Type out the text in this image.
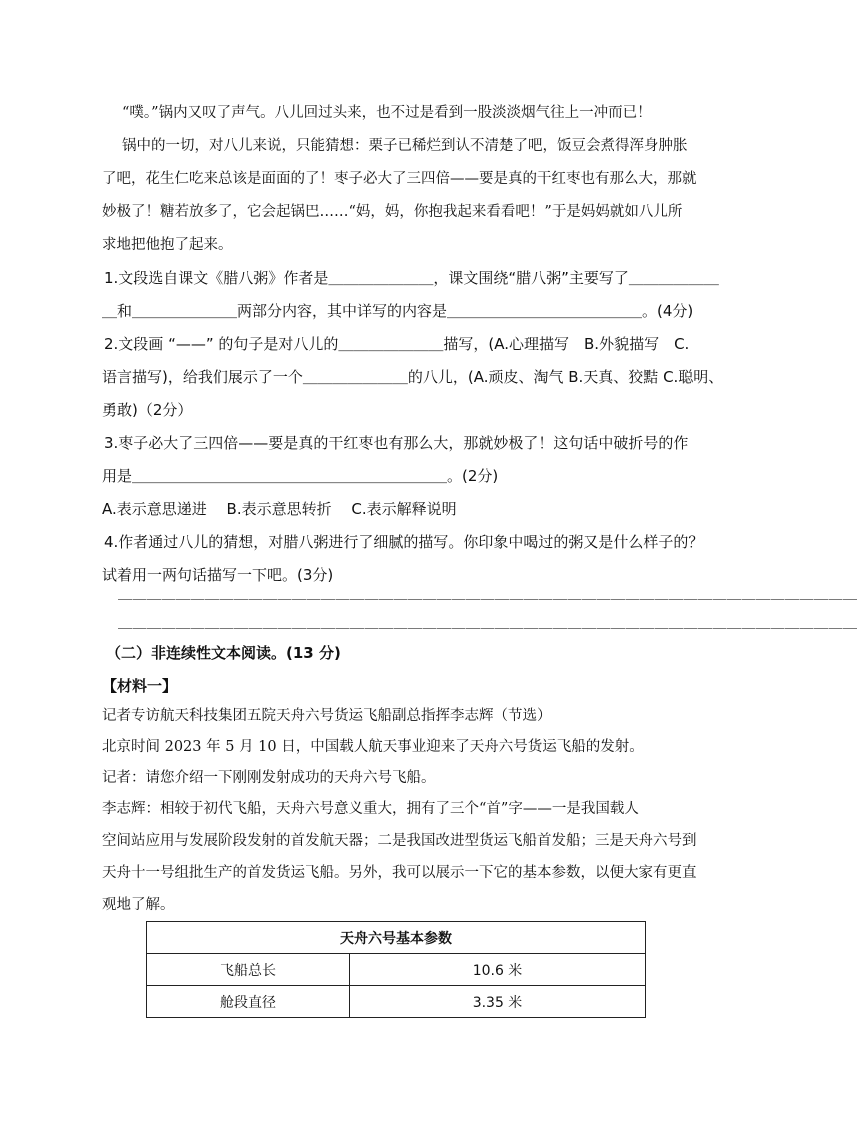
“噗。”锅内又叹了声气。八儿回过头来，也不过是看到一股淡淡烟气往上一冲而已！

锅中的一切，对八儿来说，只能猜想：栗子已稀烂到认不清楚了吧，饭豆会煮得浑身肿胀

了吧，花生仁吃来总该是面面的了！枣子必大了三四倍——要是真的干红枣也有那么大，那就

妙极了！糖若放多了，它会起锅巴……“妈，妈，你抱我起来看看吧！”于是妈妈就如八儿所

求地把他抱了起来。

1.文段选自课文《腊八粥》作者是＿＿＿＿＿＿＿，课文围绕“腊八粥”主要写了＿＿＿＿＿＿

＿和＿＿＿＿＿＿＿两部分内容，其中详写的内容是＿＿＿＿＿＿＿＿＿＿＿＿＿。(4分)

2.文段画 “——” 的句子是对八儿的＿＿＿＿＿＿＿描写，(A.心理描写　B.外貌描写　C.

语言描写)，给我们展示了一个＿＿＿＿＿＿＿的八儿，(A.顽皮、淘气 B.天真、狡黠 C.聪明、

勇敢)（2分）

3.枣子必大了三四倍——要是真的干红枣也有那么大，那就妙极了！这句话中破折号的作

用是＿＿＿＿＿＿＿＿＿＿＿＿＿＿＿＿＿＿＿＿＿。(2分)

A.表示意思递进　 B.表示意思转折　 C.表示解释说明

4.作者通过八儿的猜想，对腊八粥进行了细腻的描写。你印象中喝过的粥又是什么样子的？

试着用一两句话描写一下吧。(3分)

＿＿＿＿＿＿＿＿＿＿＿＿＿＿＿＿＿＿＿＿＿＿＿＿＿＿＿＿＿＿＿＿＿＿＿＿＿＿＿＿＿＿＿＿＿＿＿＿＿＿＿

＿＿＿＿＿＿＿＿＿＿＿＿＿＿＿＿＿＿＿＿＿＿＿＿＿＿＿＿＿＿＿＿＿＿＿＿＿＿＿＿＿＿＿＿＿＿＿＿＿＿＿

（二）非连续性文本阅读。(13 分)

【材料一】

记者专访航天科技集团五院天舟六号货运飞船副总指挥李志辉（节选）

北京时间 2023 年 5 月 10 日，中国载人航天事业迎来了天舟六号货运飞船的发射。

记者：请您介绍一下刚刚发射成功的天舟六号飞船。

李志辉：相较于初代飞船，天舟六号意义重大，拥有了三个“首”字——一是我国载人

空间站应用与发展阶段发射的首发航天器；二是我国改进型货运飞船首发船；三是天舟六号到

天舟十一号组批生产的首发货运飞船。另外，我可以展示一下它的基本参数，以便大家有更直

观地了解。

天舟六号基本参数	
飞船总长	10.6 米
舱段直径	3.35 米
